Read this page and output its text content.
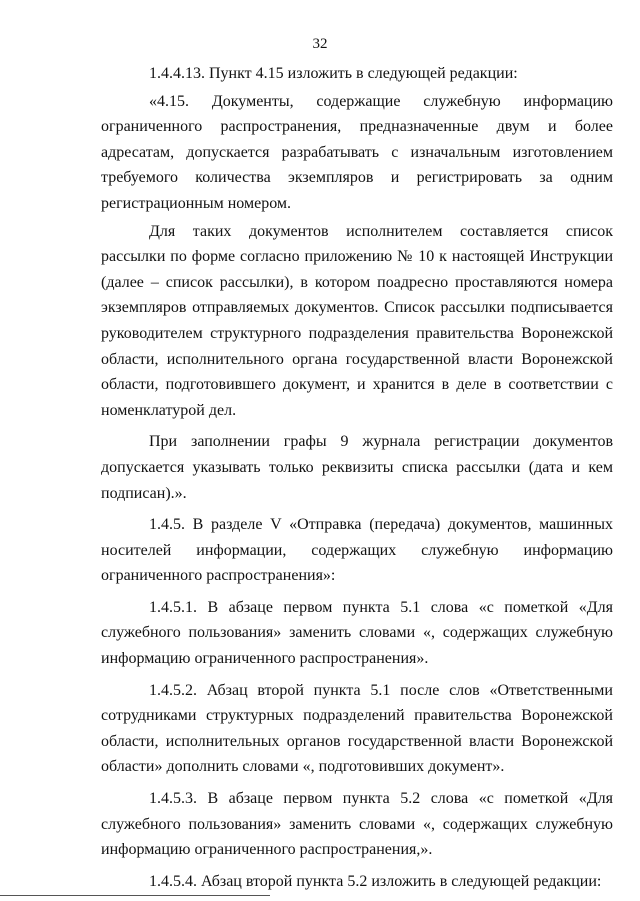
32

1.4.4.13. Пункт 4.15 изложить в следующей редакции:

«4.15. Документы, содержащие служебную информацию ограниченного распространения, предназначенные двум и более адресатам, допускается разрабатывать с изначальным изготовлением требуемого количества экземпляров и регистрировать за одним регистрационным номером.

Для таких документов исполнителем составляется список рассылки по форме согласно приложению № 10 к настоящей Инструкции (далее – список рассылки), в котором поадресно проставляются номера экземпляров отправляемых документов. Список рассылки подписывается руководителем структурного подразделения правительства Воронежской области, исполнительного органа государственной власти Воронежской области, подготовившего документ, и хранится в деле в соответствии с номенклатурой дел.

При заполнении графы 9 журнала регистрации документов допускается указывать только реквизиты списка рассылки (дата и кем подписан).».

1.4.5. В разделе V «Отправка (передача) документов, машинных носителей информации, содержащих служебную информацию ограниченного распространения»:

1.4.5.1. В абзаце первом пункта 5.1 слова «с пометкой «Для служебного пользования» заменить словами «, содержащих служебную информацию ограниченного распространения».

1.4.5.2. Абзац второй пункта 5.1 после слов «Ответственными сотрудниками структурных подразделений правительства Воронежской области, исполнительных органов государственной власти Воронежской области» дополнить словами «, подготовивших документ».

1.4.5.3. В абзаце первом пункта 5.2 слова «с пометкой «Для служебного пользования» заменить словами «, содержащих служебную информацию ограниченного распространения,».

1.4.5.4. Абзац второй пункта 5.2 изложить в следующей редакции:
